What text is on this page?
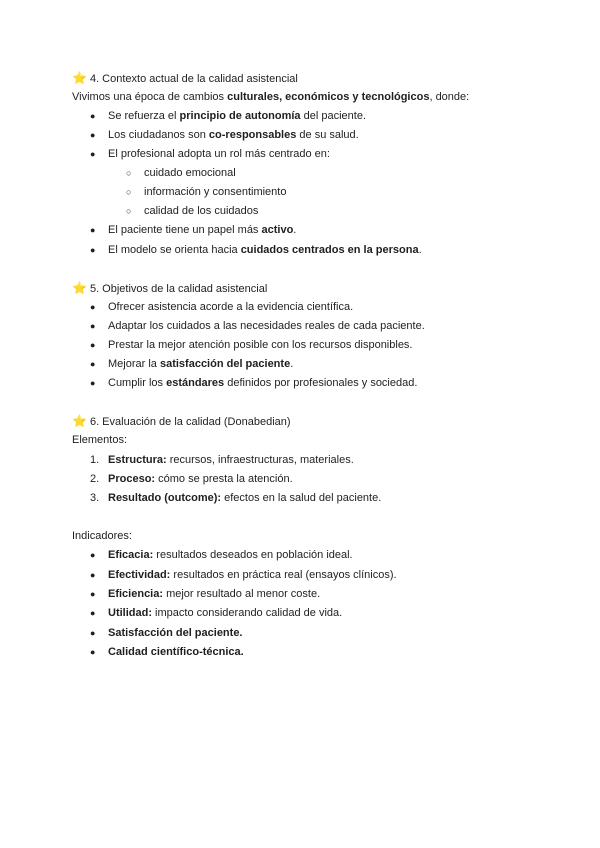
⭐ 4. Contexto actual de la calidad asistencial
Vivimos una época de cambios culturales, económicos y tecnológicos, donde:
● Se refuerza el principio de autonomía del paciente.
● Los ciudadanos son co-responsables de su salud.
● El profesional adopta un rol más centrado en:
○ cuidado emocional
○ información y consentimiento
○ calidad de los cuidados
● El paciente tiene un papel más activo.
● El modelo se orienta hacia cuidados centrados en la persona.
⭐ 5. Objetivos de la calidad asistencial
● Ofrecer asistencia acorde a la evidencia científica.
● Adaptar los cuidados a las necesidades reales de cada paciente.
● Prestar la mejor atención posible con los recursos disponibles.
● Mejorar la satisfacción del paciente.
● Cumplir los estándares definidos por profesionales y sociedad.
⭐ 6. Evaluación de la calidad (Donabedian)
Elementos:
1. Estructura: recursos, infraestructuras, materiales.
2. Proceso: cómo se presta la atención.
3. Resultado (outcome): efectos en la salud del paciente.
Indicadores:
● Eficacia: resultados deseados en población ideal.
● Efectividad: resultados en práctica real (ensayos clínicos).
● Eficiencia: mejor resultado al menor coste.
● Utilidad: impacto considerando calidad de vida.
● Satisfacción del paciente.
● Calidad científico-técnica.
